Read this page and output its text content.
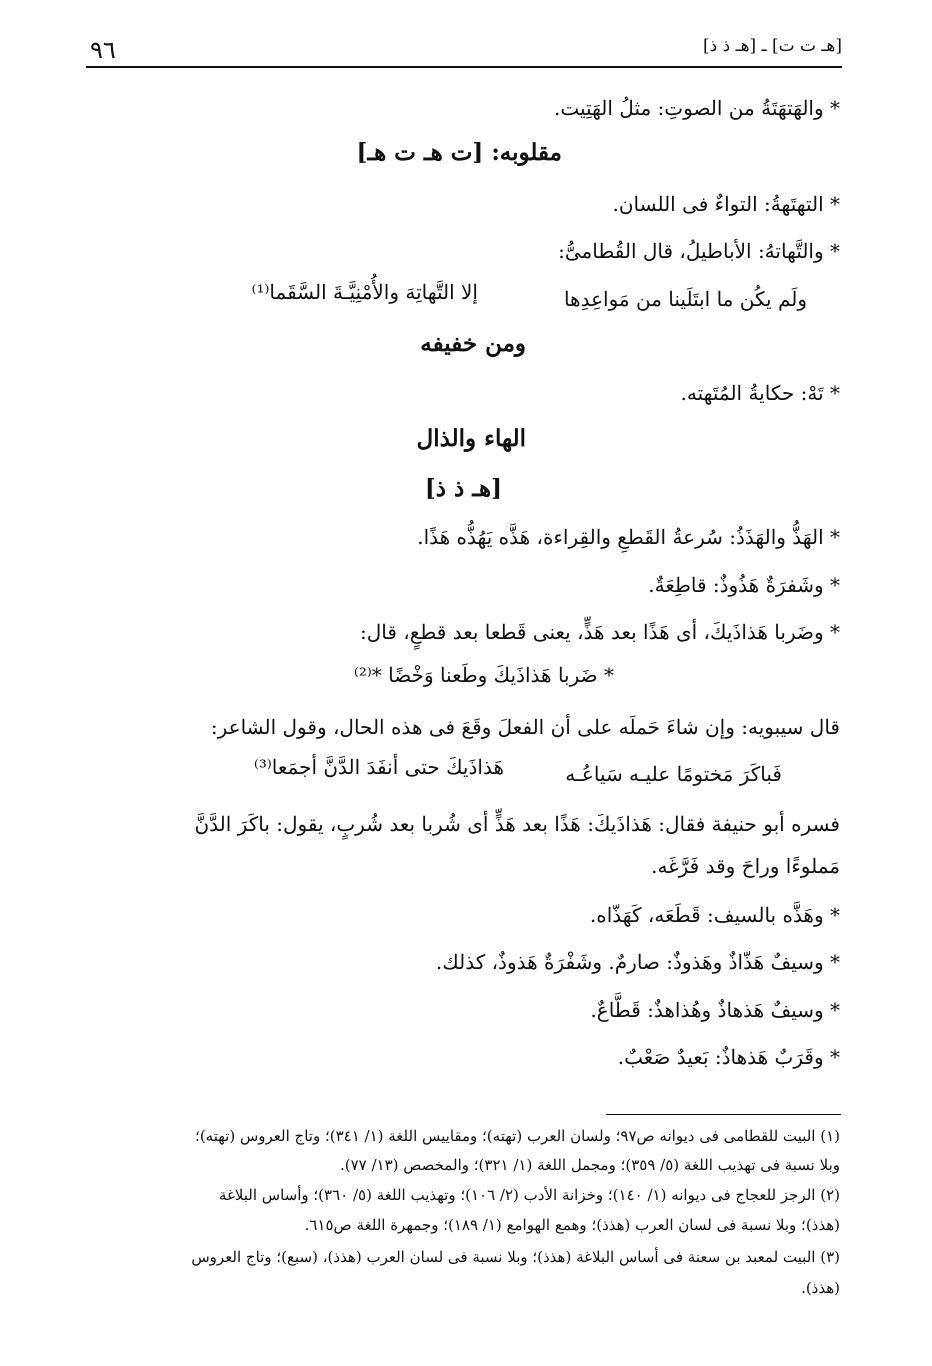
٩٦	[هـ ت ت] ـ [هـ ذ ذ]
* والهَتهَتَةُ من الصوتِ: مثلُ الهَتِيت.
مقلوبه: [ت هـ ت هـ]
* التهتَهةُ: التواءٌ فى اللسان.
* والتَّهاتهُ: الأباطيلُ، قال القُطامىُّ:
ولَم يكُن ما ابتَلَينا من مَواعِدِها
إلا التَّهاتِهَ والأُمْنِيَّـةَ السَّقَما⁽¹⁾
ومن خفيفه
* تَهْ: حكايةُ المُتَهته.
الهاء والذال
[هـ ذ ذ]
* الهَذُّ والهَذَذُ: سُرعةُ القَطعِ والقِراءة، هَذَّه يَهُذُّه هَذًا.
* وشَفرَةٌ هَذُوذٌ: قاطِعَةٌ.
* وضَربا هَذاذَيكَ، أى هَذًا بعد هَذٍّ، يعنى قَطعا بعد قطعٍ، قال:
* ضَربا هَذاذَيكَ وطَعنا وَخْضًا *⁽²⁾
قال سيبويه: وإن شاءَ حَملَه على أن الفعلَ وقَعَ فى هذه الحال، وقول الشاعر:
فَباكَرَ مَختومًا عليـه سَياعُـه
هَذاذَيكَ حتى أنفَدَ الدَّنَّ أجمَعا⁽³⁾
فسره أبو حنيفة فقال: هَذاذَيكَ: هَذًا بعد هَذٍّ أى شُربا بعد شُربٍ، يقول: باكَرَ الدَّنَّ
مَملوءًا وراحَ وقد فَرَّغَه.
* وهَذَّه بالسيف: قَطَعَه، كَهَذّاه.
* وسيفٌ هَذّاذٌ وهَذوذٌ: صارمٌ. وشَفْرَةٌ هَذوذٌ، كذلك.
* وسيفٌ هَذهاذٌ وهُذاهذٌ: قَطَّاعٌ.
* وقَرَبٌ هَذهاذٌ: بَعيدٌ صَعْبٌ.
(١) البيت للقطامى فى ديوانه ص٩٧؛ ولسان العرب (تهته)؛ ومقاييس اللغة (١/ ٣٤١)؛ وتاج العروس (تهته)؛
وبلا نسبة فى تهذيب اللغة (٥/ ٣٥٩)؛ ومجمل اللغة (١/ ٣٢١)؛ والمخصص (١٣/ ٧٧).
(٢) الرجز للعجاج فى ديوانه (١/ ١٤٠)؛ وخزانة الأدب (٢/ ١٠٦)؛ وتهذيب اللغة (٥/ ٣٦٠)؛ وأساس البلاغة
(هذذ)؛ وبلا نسبة فى لسان العرب (هذذ)؛ وهمع الهوامع (١/ ١٨٩)؛ وجمهرة اللغة ص٦١٥.
(٣) البيت لمعبد بن سعنة فى أساس البلاغة (هذذ)؛ وبلا نسبة فى لسان العرب (هذذ)، (سبع)؛ وتاج العروس
(هذذ).
